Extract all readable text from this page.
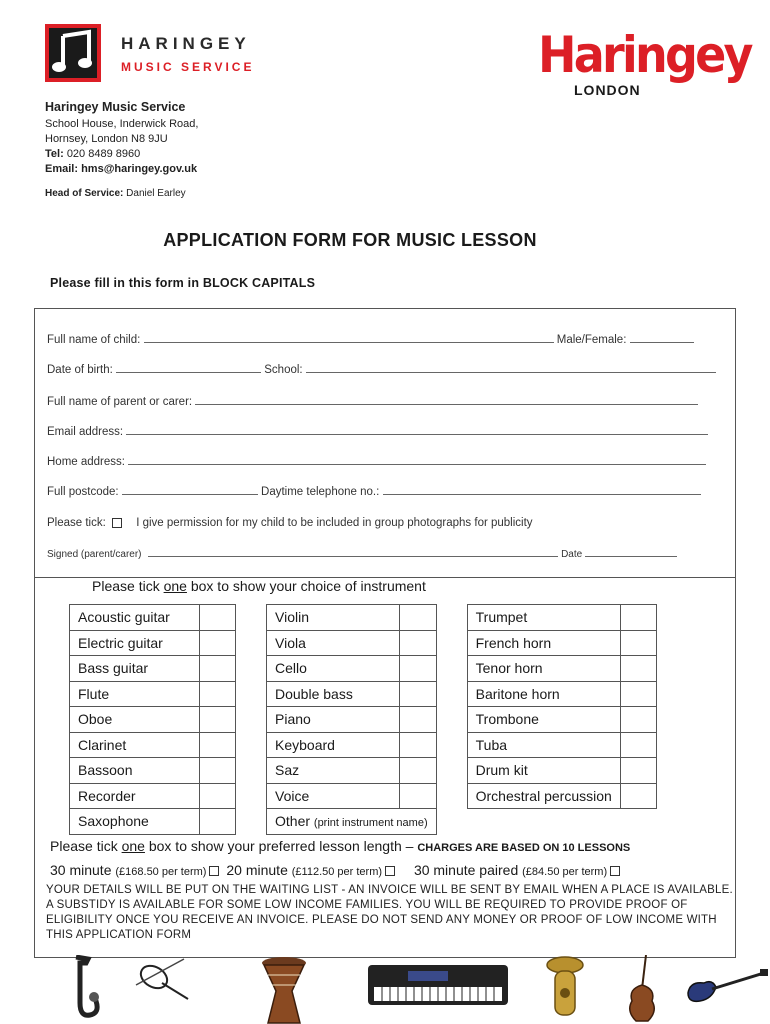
HARINGEY
MUSIC SERVICE	Haringey
LONDON
Haringey Music Service
School House, Inderwick Road,
Hornsey, London N8 9JU
Tel: 020 8489 8960
Email: hms@haringey.gov.uk
Head of Service: Daniel Earley
APPLICATION FORM FOR MUSIC LESSON
Please fill in this form in BLOCK CAPITALS
Full name of child:	Male/Female:
Date of birth:	School:
Full name of parent or carer:
Email address:
Home address:
Full postcode:	Daytime telephone no.:
Please tick:	I give permission for my child to be included in group photographs for publicity
Signed (parent/carer)	Date
Please tick one box to show your choice of instrument
Acoustic guitar			Violin			Trumpet	
Electric guitar			Viola			French horn	
Bass guitar			Cello			Tenor horn	
Flute			Double bass			Baritone horn	
Oboe			Piano			Trombone	
Clarinet			Keyboard			Tuba	
Bassoon			Saz			Drum kit	
Recorder			Voice			Orchestral percussion	
Saxophone			Other (print instrument name)				
Please tick one box to show your preferred lesson length – CHARGES ARE BASED ON 10 LESSONS
30 minute (£168.50 per term) 20 minute (£112.50 per term) 30 minute paired (£84.50 per term)
YOUR DETAILS WILL BE PUT ON THE WAITING LIST - AN INVOICE WILL BE SENT BY EMAIL WHEN A PLACE IS AVAILABLE. A SUBSTIDY IS AVAILABLE FOR SOME LOW INCOME FAMILIES. YOU WILL BE REQUIRED TO PROVIDE PROOF OF ELIGIBILITY ONCE YOU RECEIVE AN INVOICE. PLEASE DO NOT SEND ANY MONEY OR PROOF OF LOW INCOME WITH THIS APPLICATION FORM
